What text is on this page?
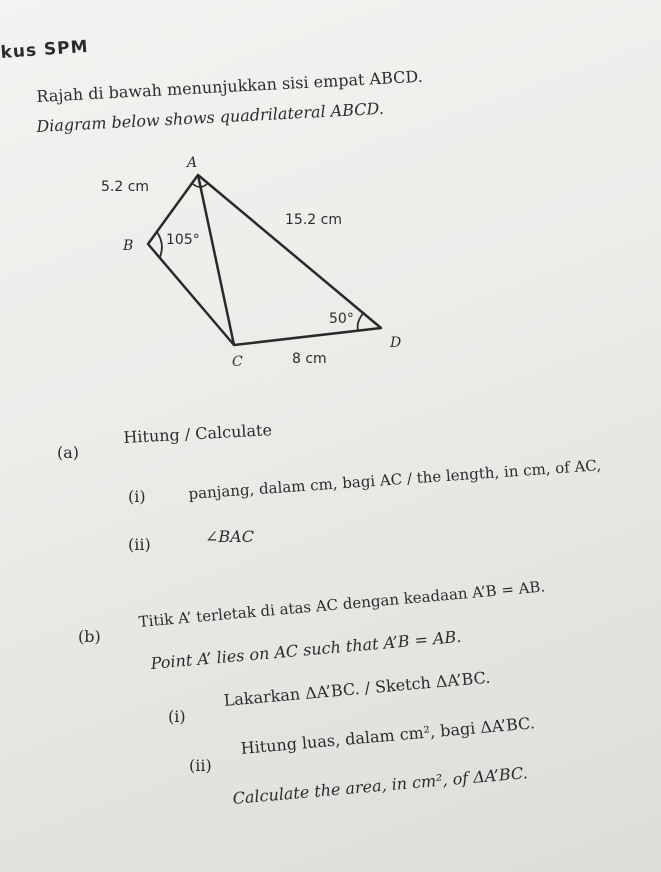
kus SPM
Rajah di bawah menunjukkan sisi empat ABCD.
Diagram below shows quadrilateral ABCD.
A
5.2 cm
15.2 cm
B 105°
50°
D
C	8 cm
(a)
Hitung / Calculate
(i)	panjang, dalam cm, bagi AC / the length, in cm, of AC,
(ii)	∠BAC
(b)
Titik A’ terletak di atas AC dengan keadaan A’B = AB.
Point A’ lies on AC such that A’B = AB.
(i)
Lakarkan ΔA’BC. / Sketch ΔA’BC.
(ii)
Hitung luas, dalam cm², bagi ΔA’BC.
Calculate the area, in cm², of ΔA’BC.
